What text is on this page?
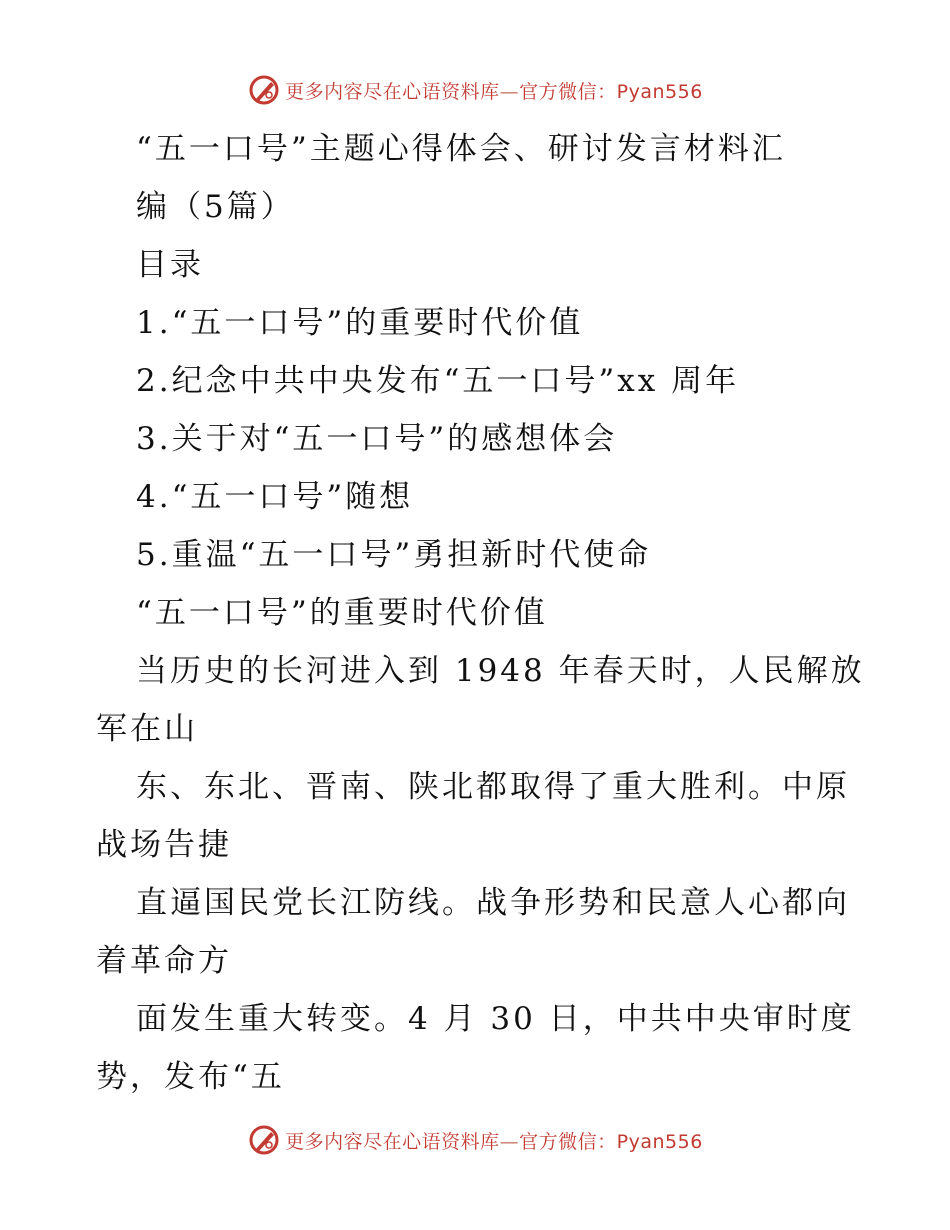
更多内容尽在心语资料库—官方微信：Pyan556
“五一口号”主题心得体会、研讨发言材料汇
编（5篇）
目录
1.“五一口号”的重要时代价值
2.纪念中共中央发布“五一口号”xx 周年
3.关于对“五一口号”的感想体会
4.“五一口号”随想
5.重温“五一口号”勇担新时代使命
“五一口号”的重要时代价值
当历史的长河进入到 1948 年春天时，人民解放
军在山
东、东北、晋南、陕北都取得了重大胜利。中原
战场告捷
直逼国民党长江防线。战争形势和民意人心都向
着革命方
面发生重大转变。4 月 30 日，中共中央审时度
势，发布“五
更多内容尽在心语资料库—官方微信：Pyan556
